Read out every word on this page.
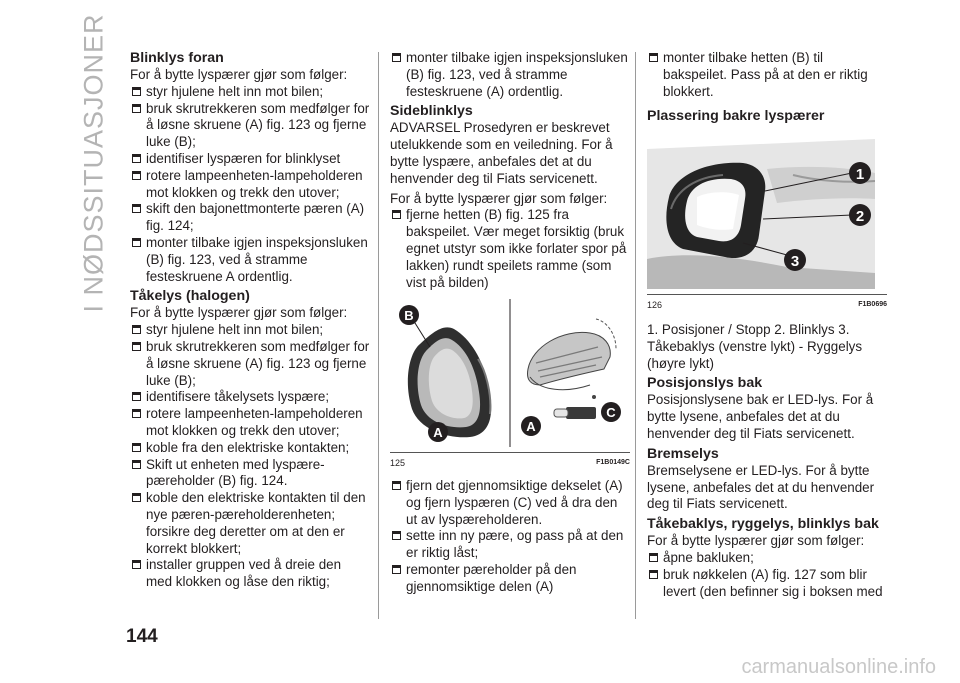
I NØDSSITUASJONER Blinklys foran

For å bytte lyspærer gjør som følger:

styr hjulene helt inn mot bilen;

bruk skrutrekkeren som medfølger for å løsne skruene (A) fig. 123 og fjerne luke (B);

identifiser lyspæren for blinklyset

rotere lampeenheten-lampeholderen mot klokken og trekk den utover;

skift den bajonettmonterte pæren (A) fig. 124;

monter tilbake igjen inspeksjonsluken (B) fig. 123, ved å stramme festeskruene A ordentlig.

Tåkelys (halogen)

For å bytte lyspærer gjør som følger:

styr hjulene helt inn mot bilen;

bruk skrutrekkeren som medfølger for å løsne skruene (A) fig. 123 og fjerne luke (B);

identifisere tåkelysets lyspære;

rotere lampeenheten-lampeholderen mot klokken og trekk den utover;

koble fra den elektriske kontakten;

Skift ut enheten med lyspære-pæreholder (B) fig. 124.

koble den elektriske kontakten til den nye pæren-pæreholderenheten; forsikre deg deretter om at den er korrekt blokkert;

installer gruppen ved å dreie den med klokken og låse den riktig;

monter tilbake igjen inspeksjonsluken (B) fig. 123, ved å stramme festeskruene (A) ordentlig.

Sideblinklys

ADVARSEL Prosedyren er beskrevet utelukkende som en veiledning. For å bytte lyspære, anbefales det at du henvender deg til Fiats servicenett.

For å bytte lyspærer gjør som følger:

fjerne hetten (B) fig. 125 fra bakspeilet. Vær meget forsiktig (bruk egnet utstyr som ikke forlater spor på lakken) rundt speilets ramme (som vist på bilden)

B
A	A
C
125	F1B0149C

fjern det gjennomsiktige dekselet (A) og fjern lyspæren (C) ved å dra den ut av lyspæreholderen.

sette inn ny pære, og pass på at den er riktig låst;

remonter pæreholder på den gjennomsiktige delen (A)

monter tilbake hetten (B) til bakspeilet. Pass på at den er riktig blokkert.

Plassering bakre lyspærer
1
2
3
126	F1B0696

1. Posisjoner / Stopp 2. Blinklys 3. Tåkebaklys (venstre lykt) - Ryggelys (høyre lykt)

Posisjonslys bak

Posisjonslysene bak er LED-lys. For å bytte lysene, anbefales det at du henvender deg til Fiats servicenett.

Bremselys

Bremselysene er LED-lys. For å bytte lysene, anbefales det at du henvender deg til Fiats servicenett.

Tåkebaklys, ryggelys, blinklys bak

For å bytte lyspærer gjør som følger:

åpne bakluken;

bruk nøkkelen (A) fig. 127 som blir levert (den befinner sig i boksen med

144
carmanualsonline.info
